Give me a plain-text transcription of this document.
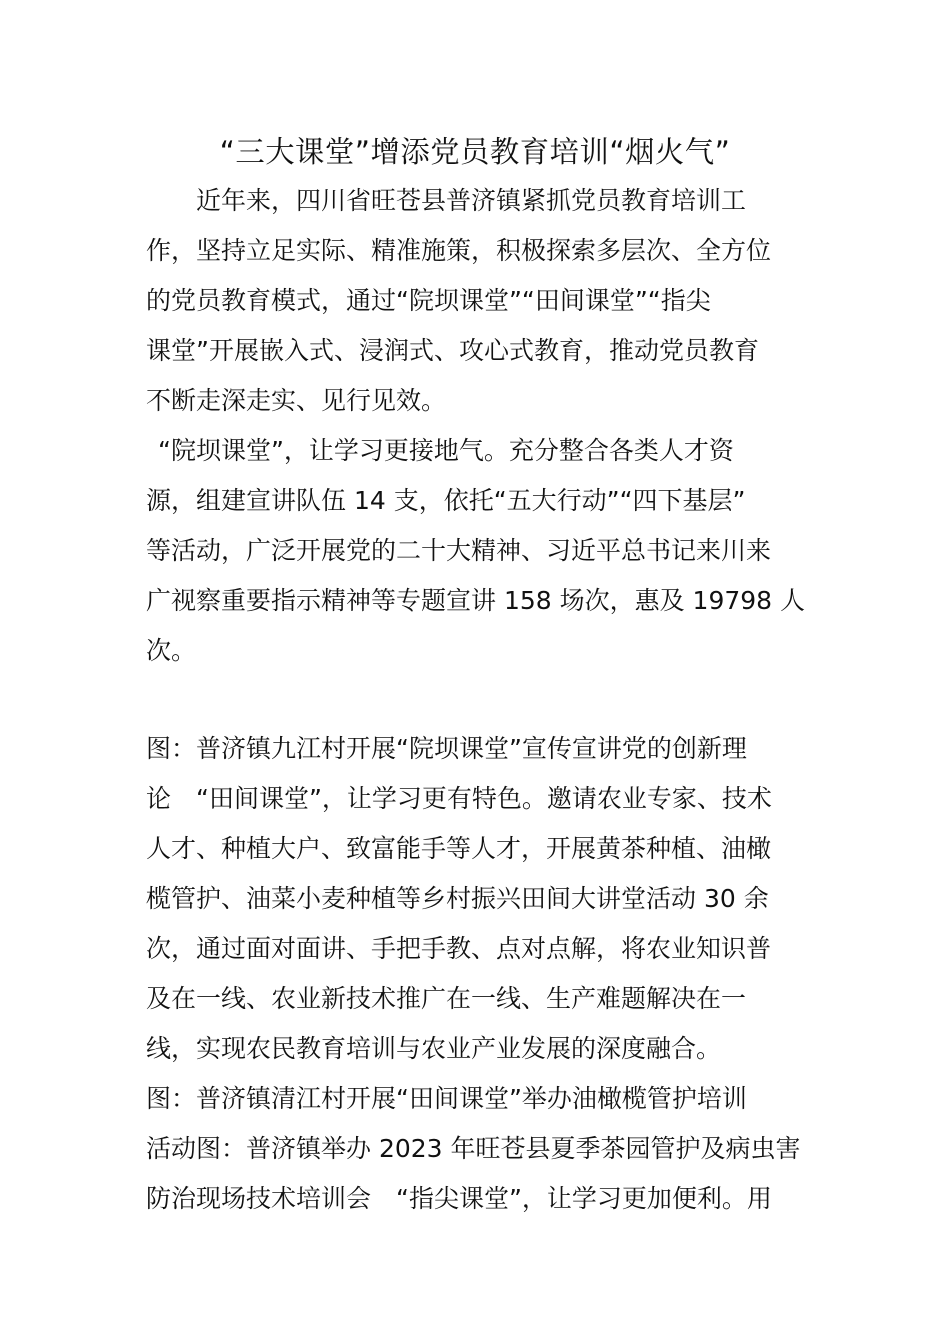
“三大课堂”增添党员教育培训“烟火气”
　　近年来，四川省旺苍县普济镇紧抓党员教育培训工
作，坚持立足实际、精准施策，积极探索多层次、全方位
的党员教育模式，通过“院坝课堂”“田间课堂”“指尖
课堂”开展嵌入式、浸润式、攻心式教育，推动党员教育
不断走深走实、见行见效。
“院坝课堂”，让学习更接地气。充分整合各类人才资
源，组建宣讲队伍 14 支，依托“五大行动”“四下基层”
等活动，广泛开展党的二十大精神、习近平总书记来川来
广视察重要指示精神等专题宣讲 158 场次，惠及 19798 人
次。
图：普济镇九江村开展“院坝课堂”宣传宣讲党的创新理
论　“田间课堂”，让学习更有特色。邀请农业专家、技术
人才、种植大户、致富能手等人才，开展黄茶种植、油橄
榄管护、油菜小麦种植等乡村振兴田间大讲堂活动 30 余
次，通过面对面讲、手把手教、点对点解，将农业知识普
及在一线、农业新技术推广在一线、生产难题解决在一
线，实现农民教育培训与农业产业发展的深度融合。
图：普济镇清江村开展“田间课堂”举办油橄榄管护培训
活动图：普济镇举办 2023 年旺苍县夏季茶园管护及病虫害
防治现场技术培训会　“指尖课堂”，让学习更加便利。用
